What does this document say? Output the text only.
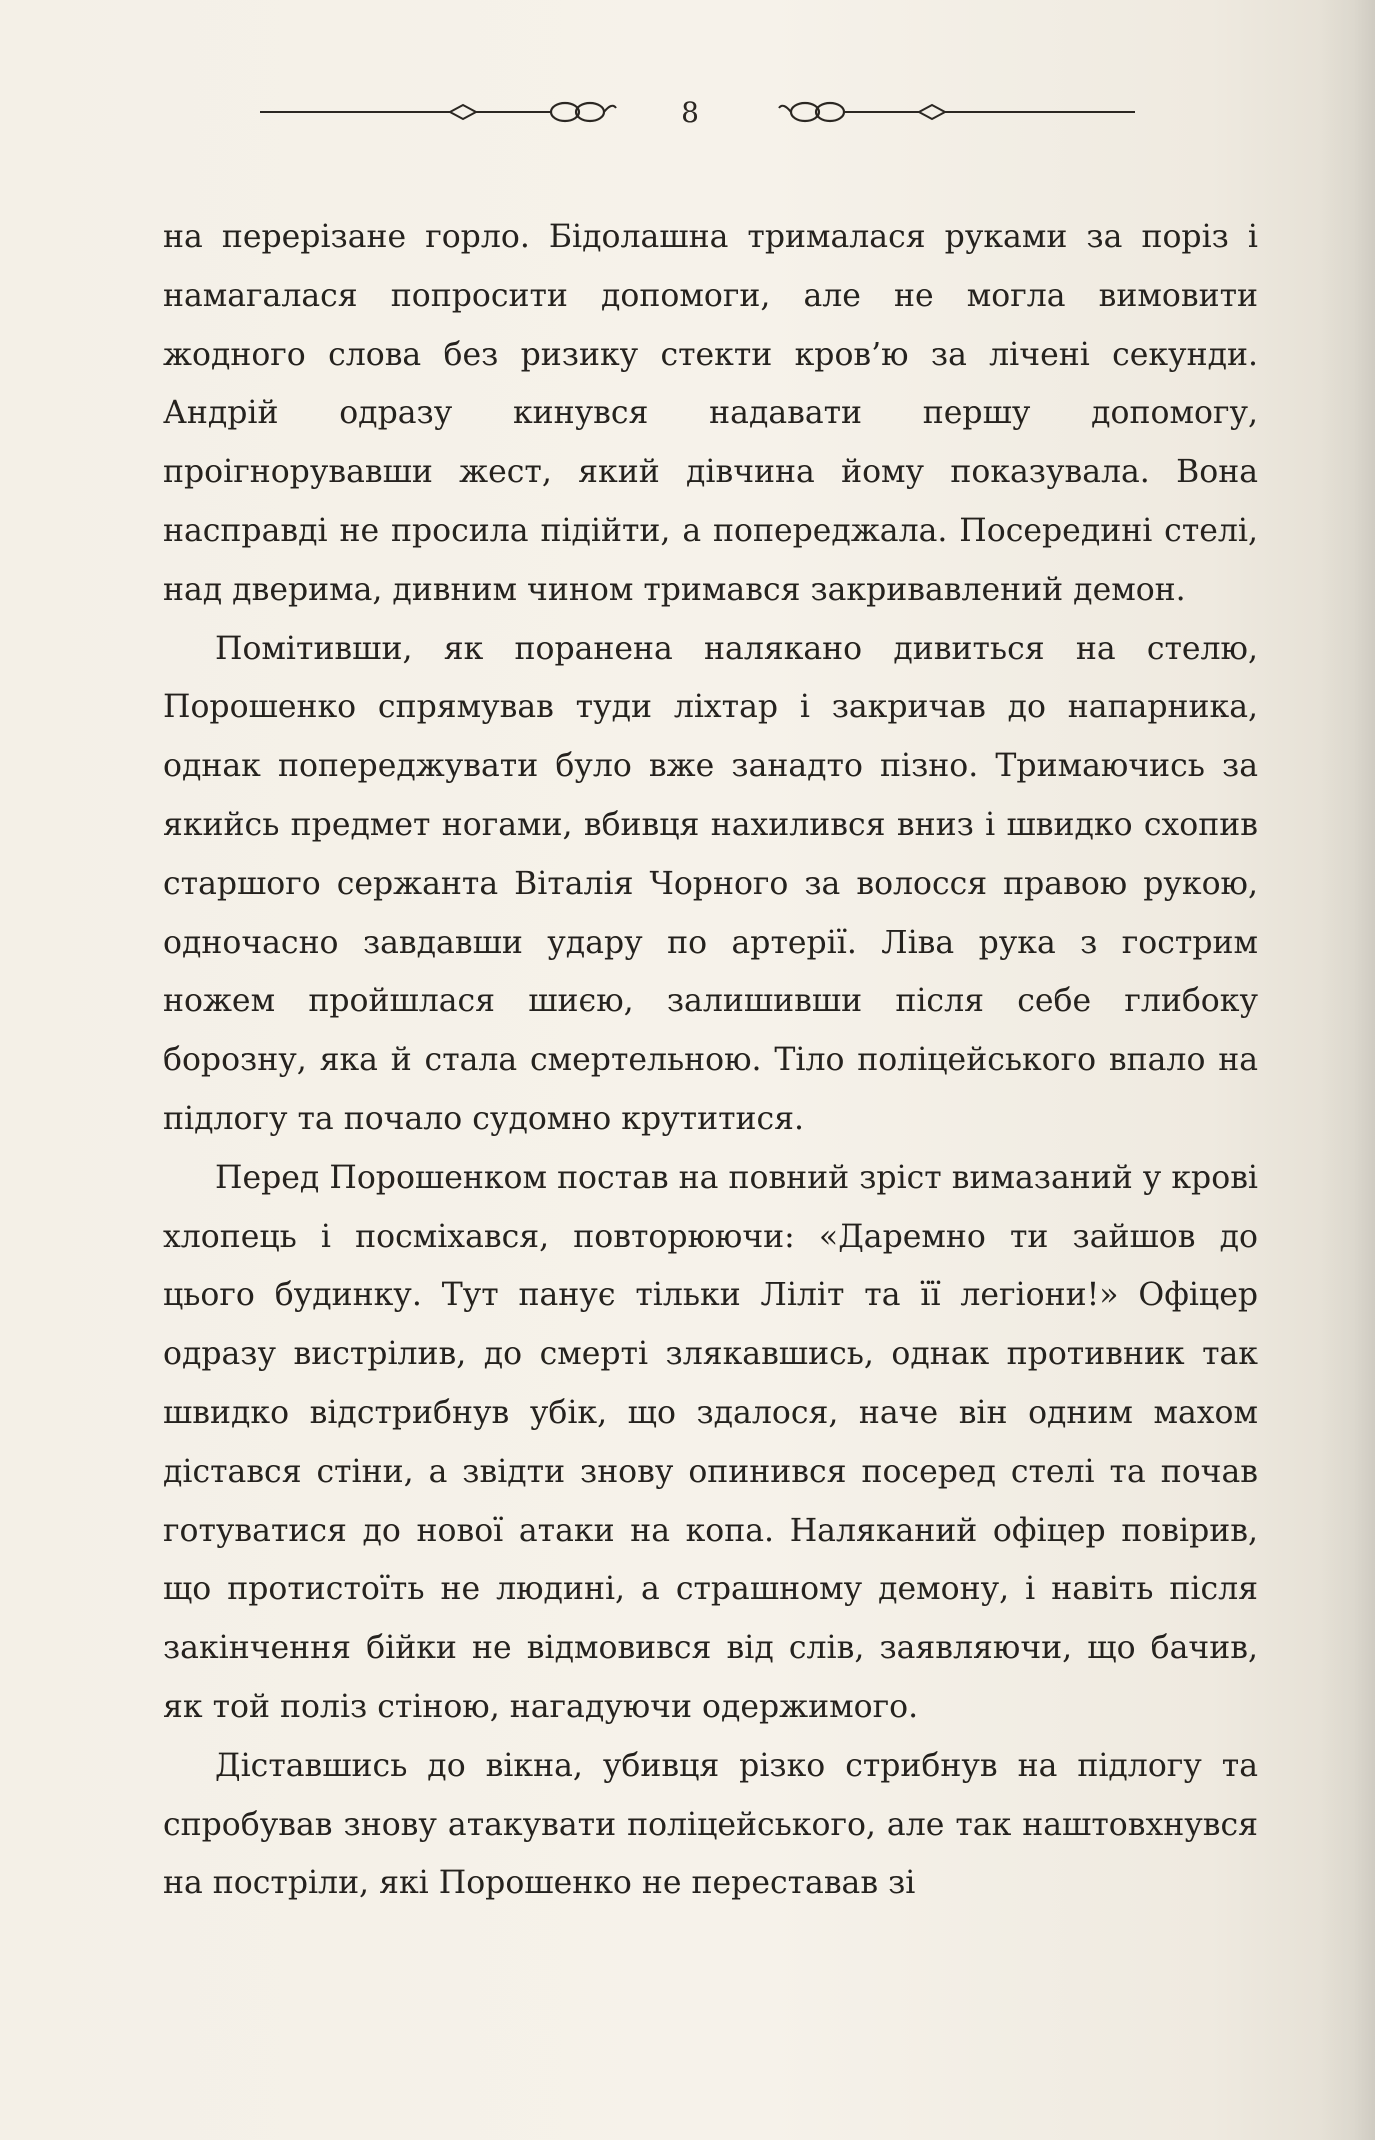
8

на перерізане горло. Бідолашна трималася руками за поріз і намагалася попросити допомоги, але не могла вимовити жодного слова без ризику стекти кров’ю за лічені секунди. Андрій одразу кинувся надавати першу допомогу, проігнорувавши жест, який дівчина йому показувала. Вона насправді не просила підійти, а попереджала. Посередині стелі, над дверима, дивним чином тримався закривавлений демон.

Помітивши, як поранена налякано дивиться на стелю, Порошенко спрямував туди ліхтар і закричав до напарника, однак попереджувати було вже занадто пізно. Тримаючись за якийсь предмет ногами, вбивця нахилився вниз і швидко схопив старшого сержанта Віталія Чорного за волосся правою рукою, одночасно завдавши удару по артерії. Ліва рука з гострим ножем пройшлася шиєю, залишивши після себе глибоку борозну, яка й стала смертельною. Тіло поліцейського впало на підлогу та почало судомно крутитися.

Перед Порошенком постав на повний зріст вимазаний у крові хлопець і посміхався, повторюючи: «Даремно ти зайшов до цього будинку. Тут панує тільки Ліліт та її легіони!» Офіцер одразу вистрілив, до смерті злякавшись, однак противник так швидко відстрибнув убік, що здалося, наче він одним махом дістався стіни, а звідти знову опинився посеред стелі та почав готуватися до нової атаки на копа. Наляканий офіцер повірив, що протистоїть не людині, а страшному демону, і навіть після закінчення бійки не відмовився від слів, заявляючи, що бачив, як той поліз стіною, нагадуючи одержимого.

Діставшись до вікна, убивця різко стрибнув на підлогу та спробував знову атакувати поліцейського, але так наштовхнувся на постріли, які Порошенко не переставав зі
